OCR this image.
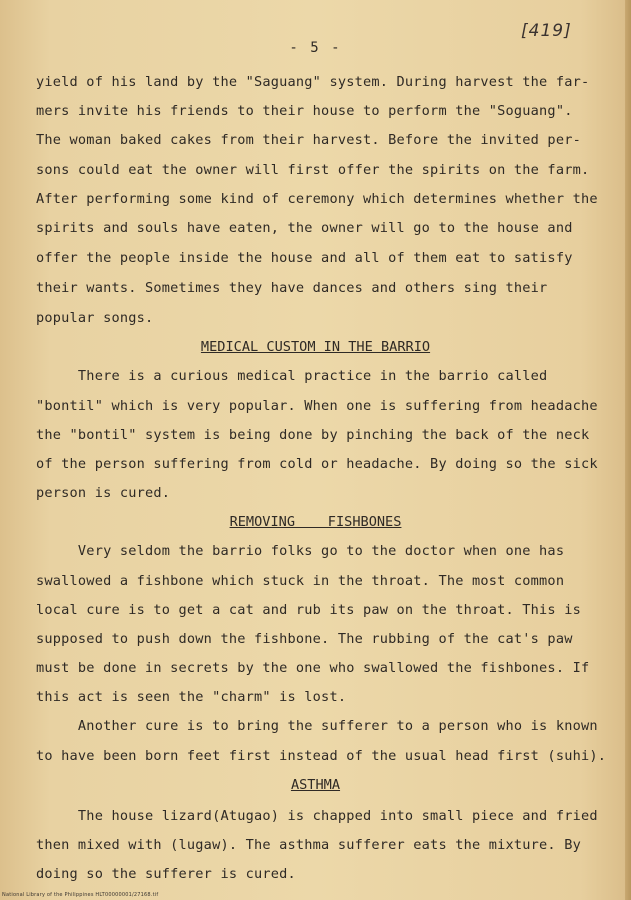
[419]
- 5 -
yield of his land by the "Saguang" system. During harvest the far-
mers invite his friends to their house to perform the "Soguang".
The woman baked cakes from their harvest. Before the invited per-
sons could eat the owner will first offer the spirits on the farm.
After performing some kind of ceremony which determines whether the
spirits and souls have eaten, the owner will go to the house and
offer the people inside the house and all of them eat to satisfy
their wants. Sometimes they have dances and others sing their
popular songs.
MEDICAL CUSTOM IN THE BARRIO
There is a curious medical practice in the barrio called
"bontil" which is very popular. When one is suffering from headache
the "bontil" system is being done by pinching the back of the neck
of the person suffering from cold or headache. By doing so the sick
person is cured.
REMOVING    FISHBONES
Very seldom the barrio folks go to the doctor when one has
swallowed a fishbone which stuck in the throat. The most common
local cure is to get a cat and rub its paw on the throat. This is
supposed to push down the fishbone. The rubbing of the cat's paw
must be done in secrets by the one who swallowed the fishbones. If
this act is seen the "charm" is lost.
Another cure is to bring the sufferer to a person who is known
to have been born feet first instead of the usual head first (suhi).
ASTHMA
The house lizard(Atugao) is chapped into small piece and fried
then mixed with (lugaw). The asthma sufferer eats the mixture. By
doing so the sufferer is cured.
National Library of the Philippines HLT00000001/27168.tif
